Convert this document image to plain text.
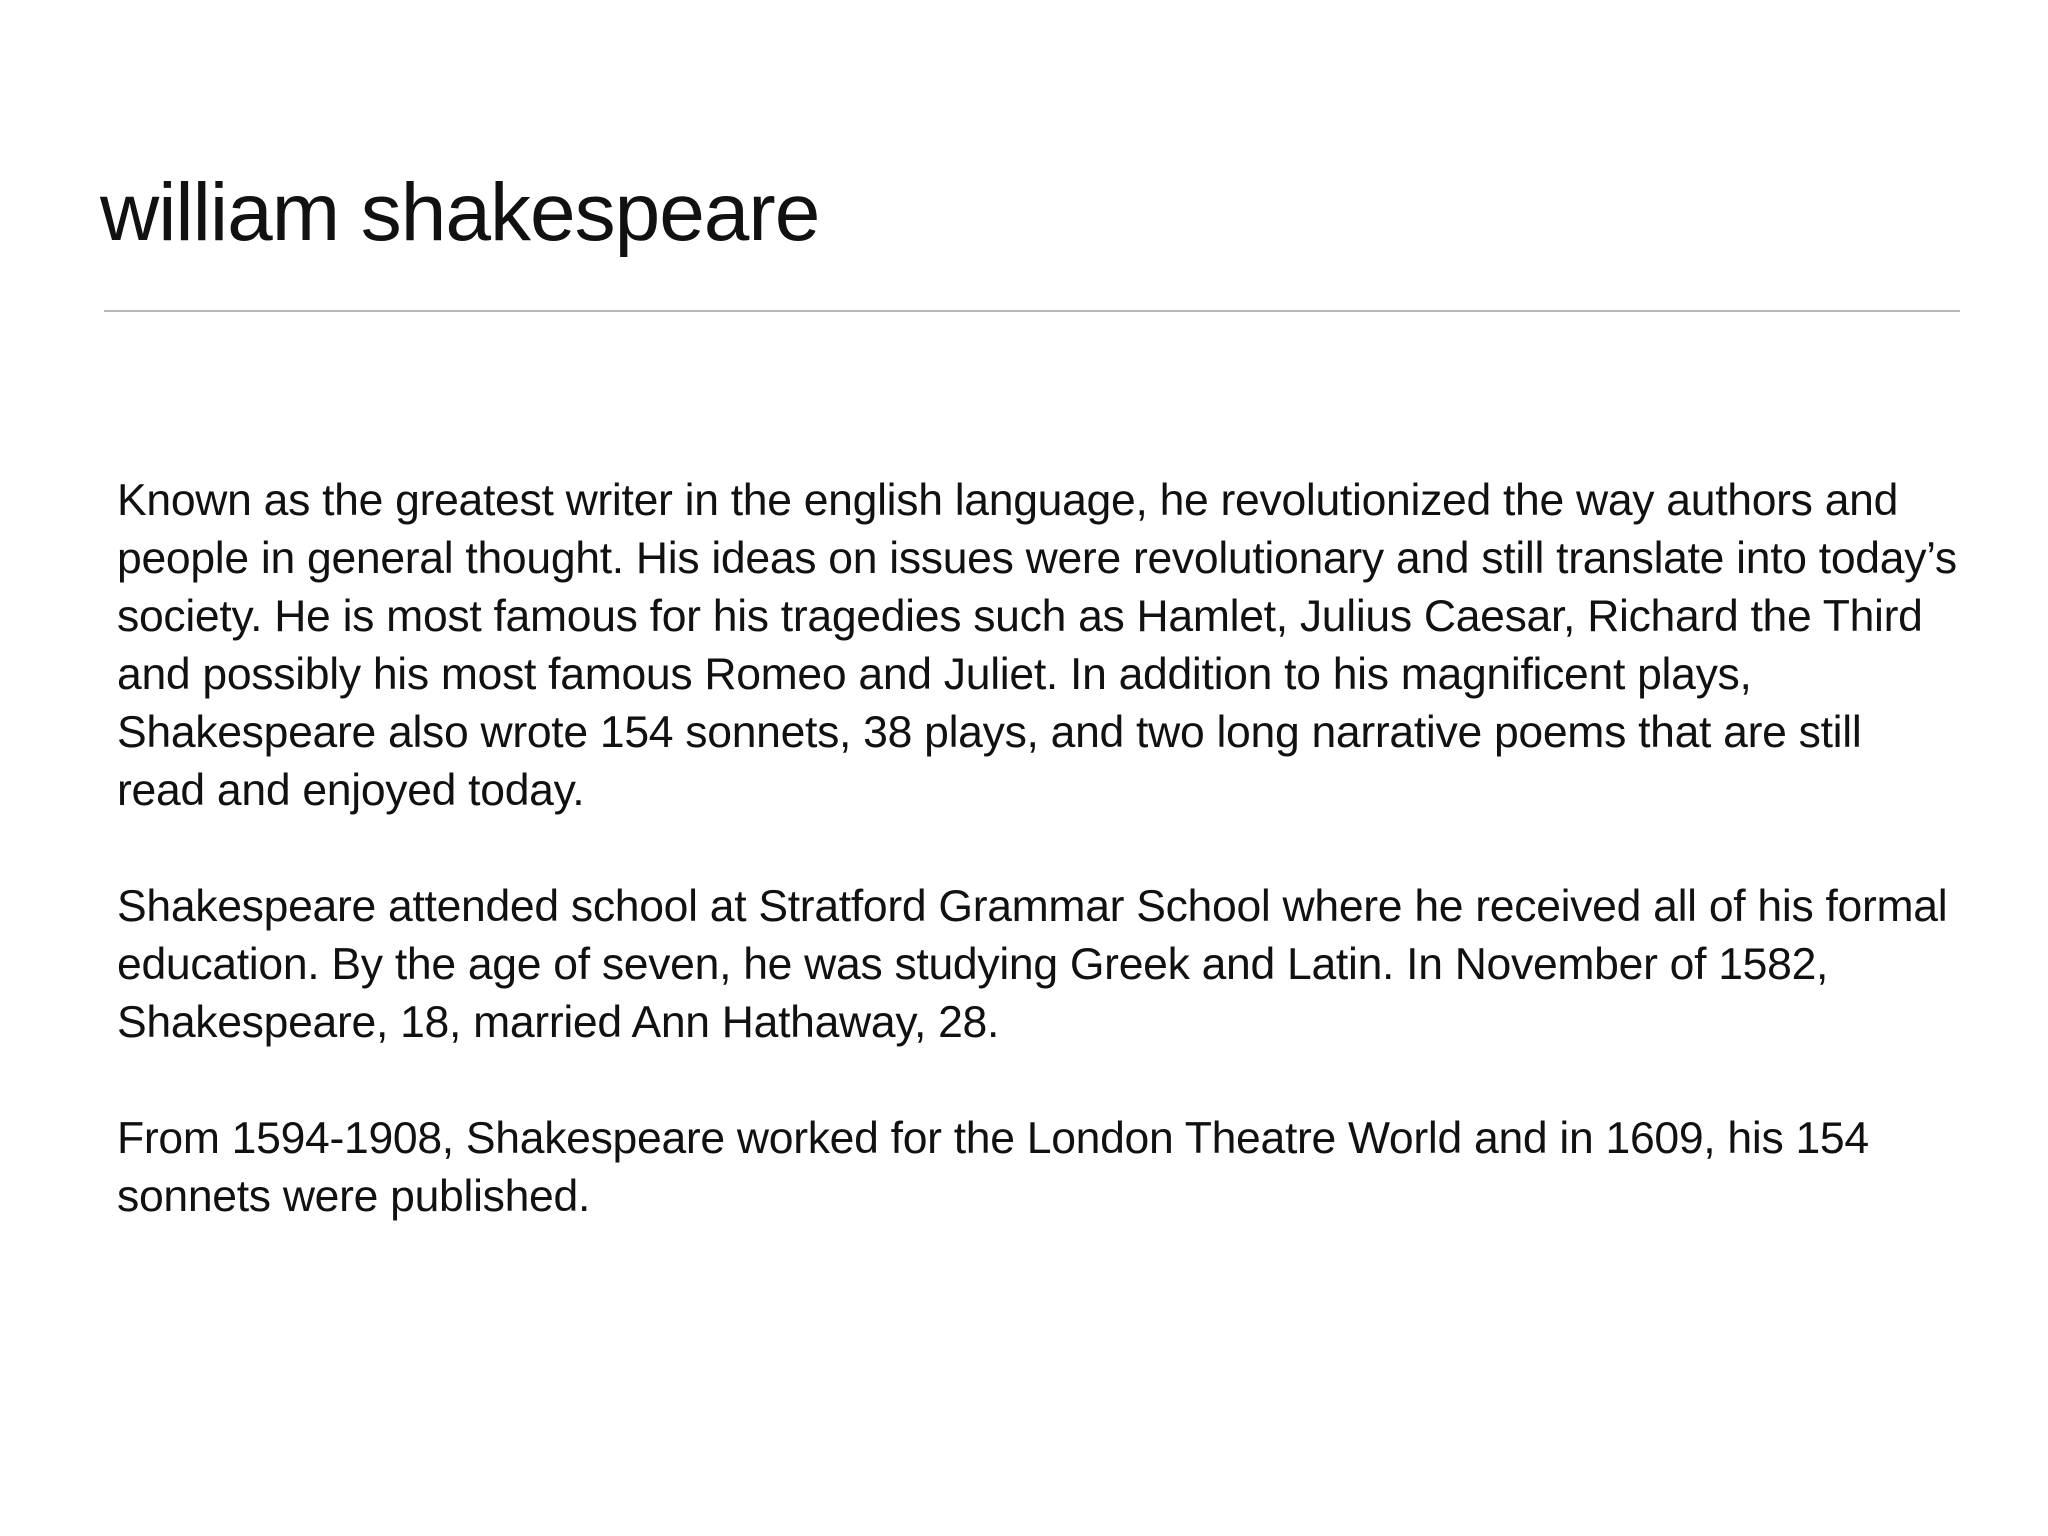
william shakespeare

Known as the greatest writer in the english language, he revolutionized the way authors and people in general thought. His ideas on issues were revolutionary and still translate into today’s society. He is most famous for his tragedies such as Hamlet, Julius Caesar, Richard the Third and possibly his most famous Romeo and Juliet. In addition to his magnificent plays, Shakespeare also wrote 154 sonnets, 38 plays, and two long narrative poems that are still read and enjoyed today.

Shakespeare attended school at Stratford Grammar School where he received all of his formal education. By the age of seven, he was studying Greek and Latin. In November of 1582, Shakespeare, 18, married Ann Hathaway, 28.

From 1594-1908, Shakespeare worked for the London Theatre World and in 1609, his 154 sonnets were published.
